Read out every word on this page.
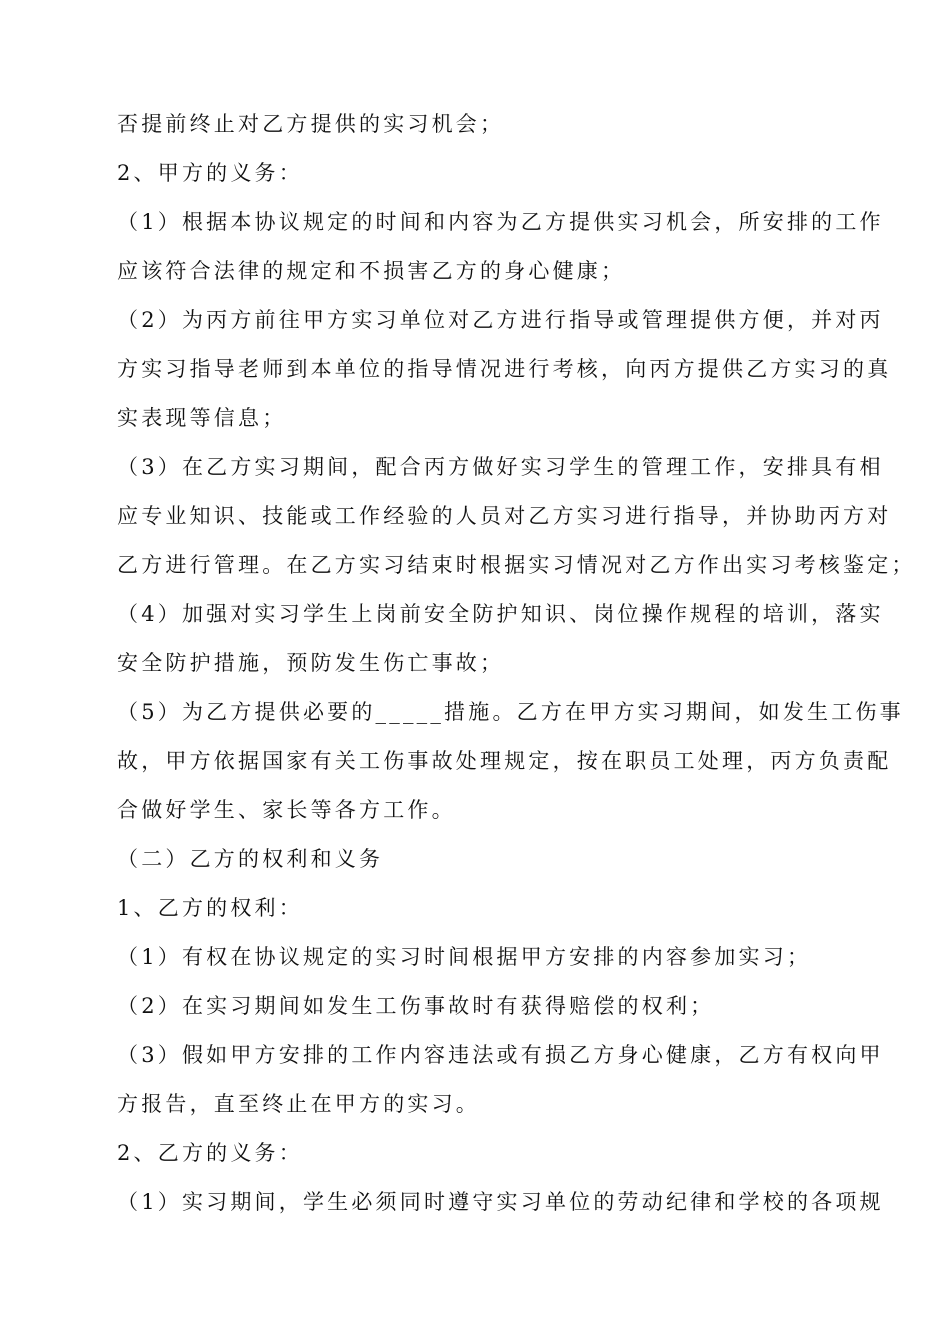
否提前终止对乙方提供的实习机会；
2、甲方的义务：
（1）根据本协议规定的时间和内容为乙方提供实习机会，所安排的工作
应该符合法律的规定和不损害乙方的身心健康；
（2）为丙方前往甲方实习单位对乙方进行指导或管理提供方便，并对丙
方实习指导老师到本单位的指导情况进行考核，向丙方提供乙方实习的真
实表现等信息；
（3）在乙方实习期间，配合丙方做好实习学生的管理工作，安排具有相
应专业知识、技能或工作经验的人员对乙方实习进行指导，并协助丙方对
乙方进行管理。在乙方实习结束时根据实习情况对乙方作出实习考核鉴定；
（4）加强对实习学生上岗前安全防护知识、岗位操作规程的培训，落实
安全防护措施，预防发生伤亡事故；
（5）为乙方提供必要的_____措施。乙方在甲方实习期间，如发生工伤事
故，甲方依据国家有关工伤事故处理规定，按在职员工处理，丙方负责配
合做好学生、家长等各方工作。
（二）乙方的权利和义务
1、乙方的权利：
（1）有权在协议规定的实习时间根据甲方安排的内容参加实习；
（2）在实习期间如发生工伤事故时有获得赔偿的权利；
（3）假如甲方安排的工作内容违法或有损乙方身心健康，乙方有权向甲
方报告，直至终止在甲方的实习。
2、乙方的义务：
（1）实习期间，学生必须同时遵守实习单位的劳动纪律和学校的各项规
